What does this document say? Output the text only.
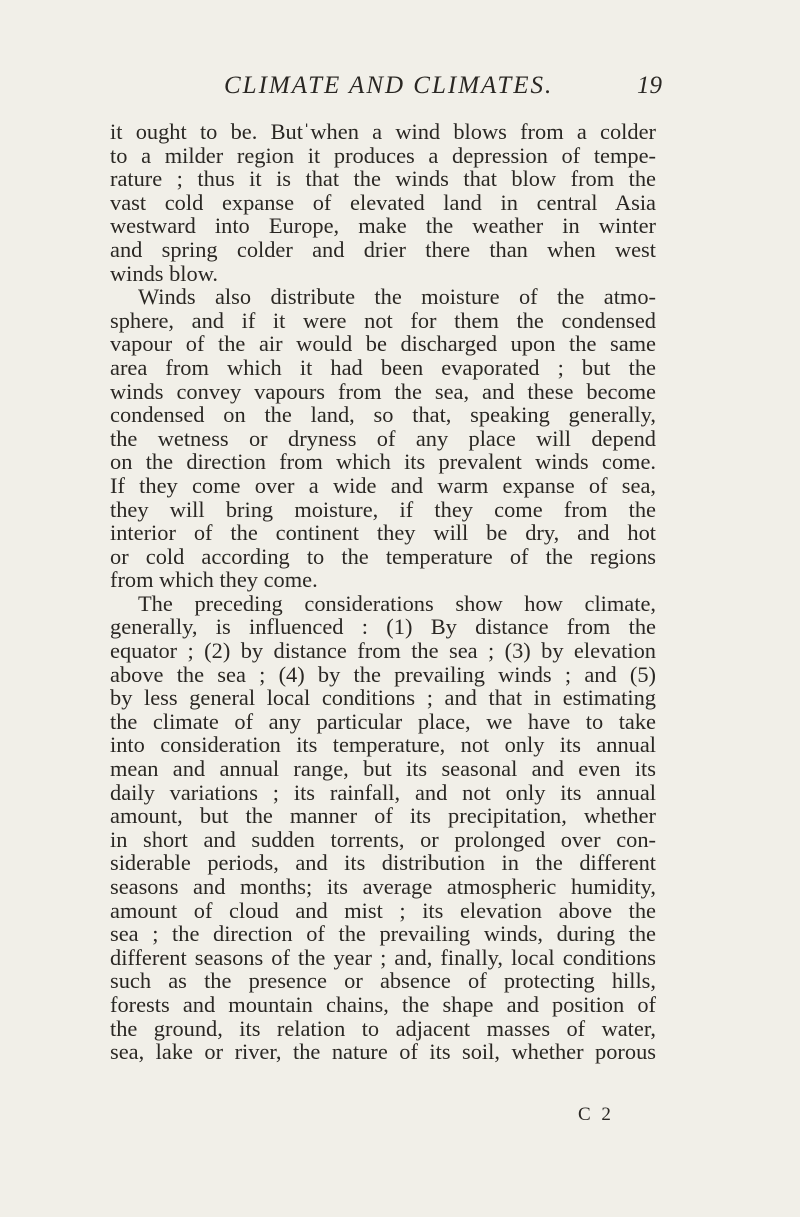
CLIMATE AND CLIMATES.	19
it ought to be. Butˈwhen a wind blows from a colder
to a milder region it produces a depression of tempe-
rature ; thus it is that the winds that blow from the
vast cold expanse of elevated land in central Asia
westward into Europe, make the weather in winter
and spring colder and drier there than when west
winds blow.
Winds also distribute the moisture of the atmo-
sphere, and if it were not for them the condensed
vapour of the air would be discharged upon the same
area from which it had been evaporated ; but the
winds convey vapours from the sea, and these become
condensed on the land, so that, speaking generally,
the wetness or dryness of any place will depend
on the direction from which its prevalent winds come.
If they come over a wide and warm expanse of sea,
they will bring moisture, if they come from the
interior of the continent they will be dry, and hot
or cold according to the temperature of the regions
from which they come.
The preceding considerations show how climate,
generally, is influenced : (1) By distance from the
equator ; (2) by distance from the sea ; (3) by elevation
above the sea ; (4) by the prevailing winds ; and (5)
by less general local conditions ; and that in estimating
the climate of any particular place, we have to take
into consideration its temperature, not only its annual
mean and annual range, but its seasonal and even its
daily variations ; its rainfall, and not only its annual
amount, but the manner of its precipitation, whether
in short and sudden torrents, or prolonged over con-
siderable periods, and its distribution in the different
seasons and months; its average atmospheric humidity,
amount of cloud and mist ; its elevation above the
sea ; the direction of the prevailing winds, during the
different seasons of the year ; and, finally, local conditions
such as the presence or absence of protecting hills,
forests and mountain chains, the shape and position of
the ground, its relation to adjacent masses of water,
sea, lake or river, the nature of its soil, whether porous
C 2
